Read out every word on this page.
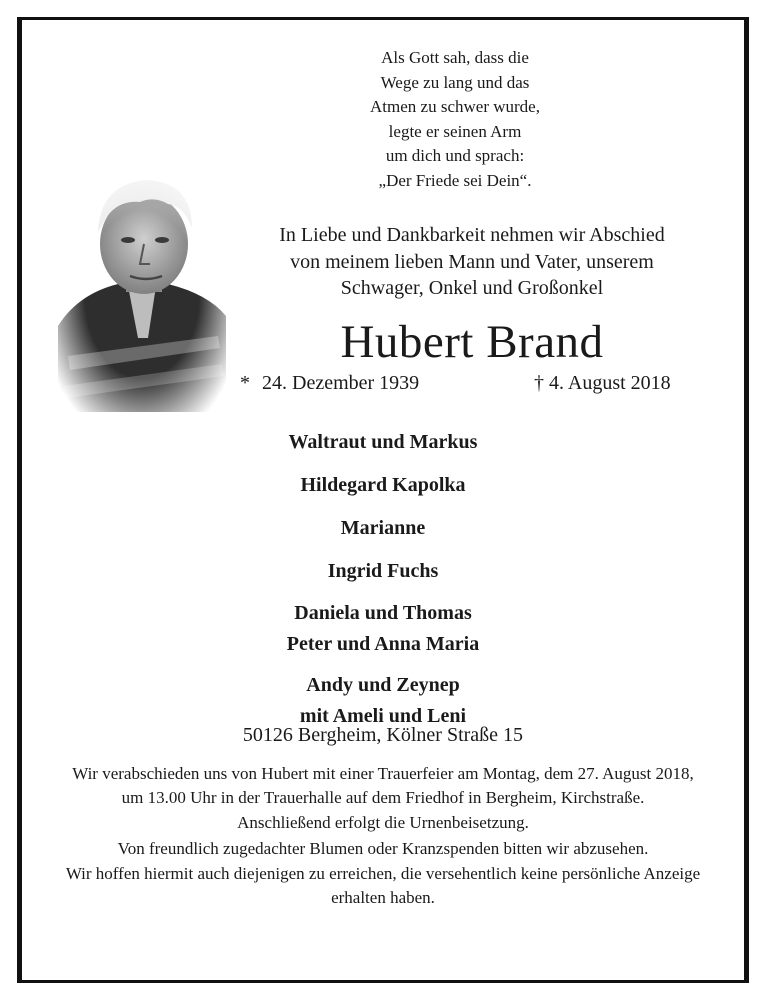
Als Gott sah, dass die
Wege zu lang und das
Atmen zu schwer wurde,
legte er seinen Arm
um dich und sprach:
„Der Friede sei Dein“.
In Liebe und Dankbarkeit nehmen wir Abschied
von meinem lieben Mann und Vater, unserem
Schwager, Onkel und Großonkel
Hubert Brand
* 24. Dezember 1939	† 4. August 2018
Waltraut und Markus
Hildegard Kapolka
Marianne
Ingrid Fuchs
Daniela und Thomas
Peter und Anna Maria
Andy und Zeynep
mit Ameli und Leni
50126 Bergheim, Kölner Straße 15

Wir verabschieden uns von Hubert mit einer Trauerfeier am Montag, dem 27. August 2018, um 13.00 Uhr in der Trauerhalle auf dem Friedhof in Bergheim, Kirchstraße.

Anschließend erfolgt die Urnenbeisetzung.

Von freundlich zugedachter Blumen oder Kranzspenden bitten wir abzusehen.

Wir hoffen hiermit auch diejenigen zu erreichen, die versehentlich keine persönliche Anzeige erhalten haben.
